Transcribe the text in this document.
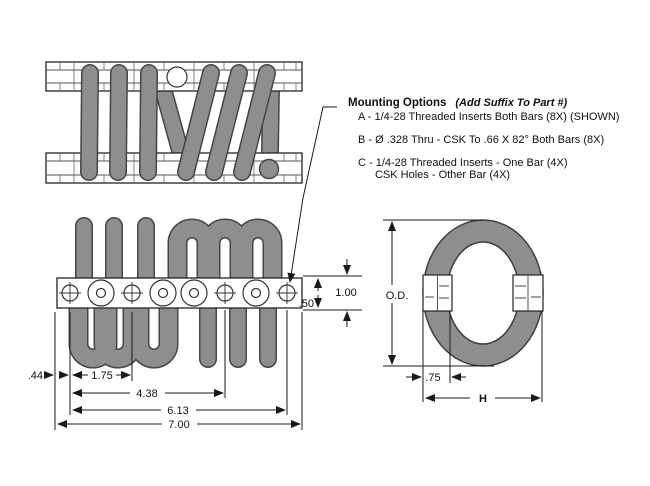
.50
1.00
.44	1.75
4.38
6.13
7.00
O.D.
.75
H
Mounting Options (Add Suffix To Part #)
A - 1/4-28 Threaded Inserts Both Bars (8X) (SHOWN)
B - Ø .328 Thru - CSK To .66 X 82° Both Bars (8X)
C - 1/4-28 Threaded Inserts - One Bar (4X)
CSK Holes - Other Bar (4X)
